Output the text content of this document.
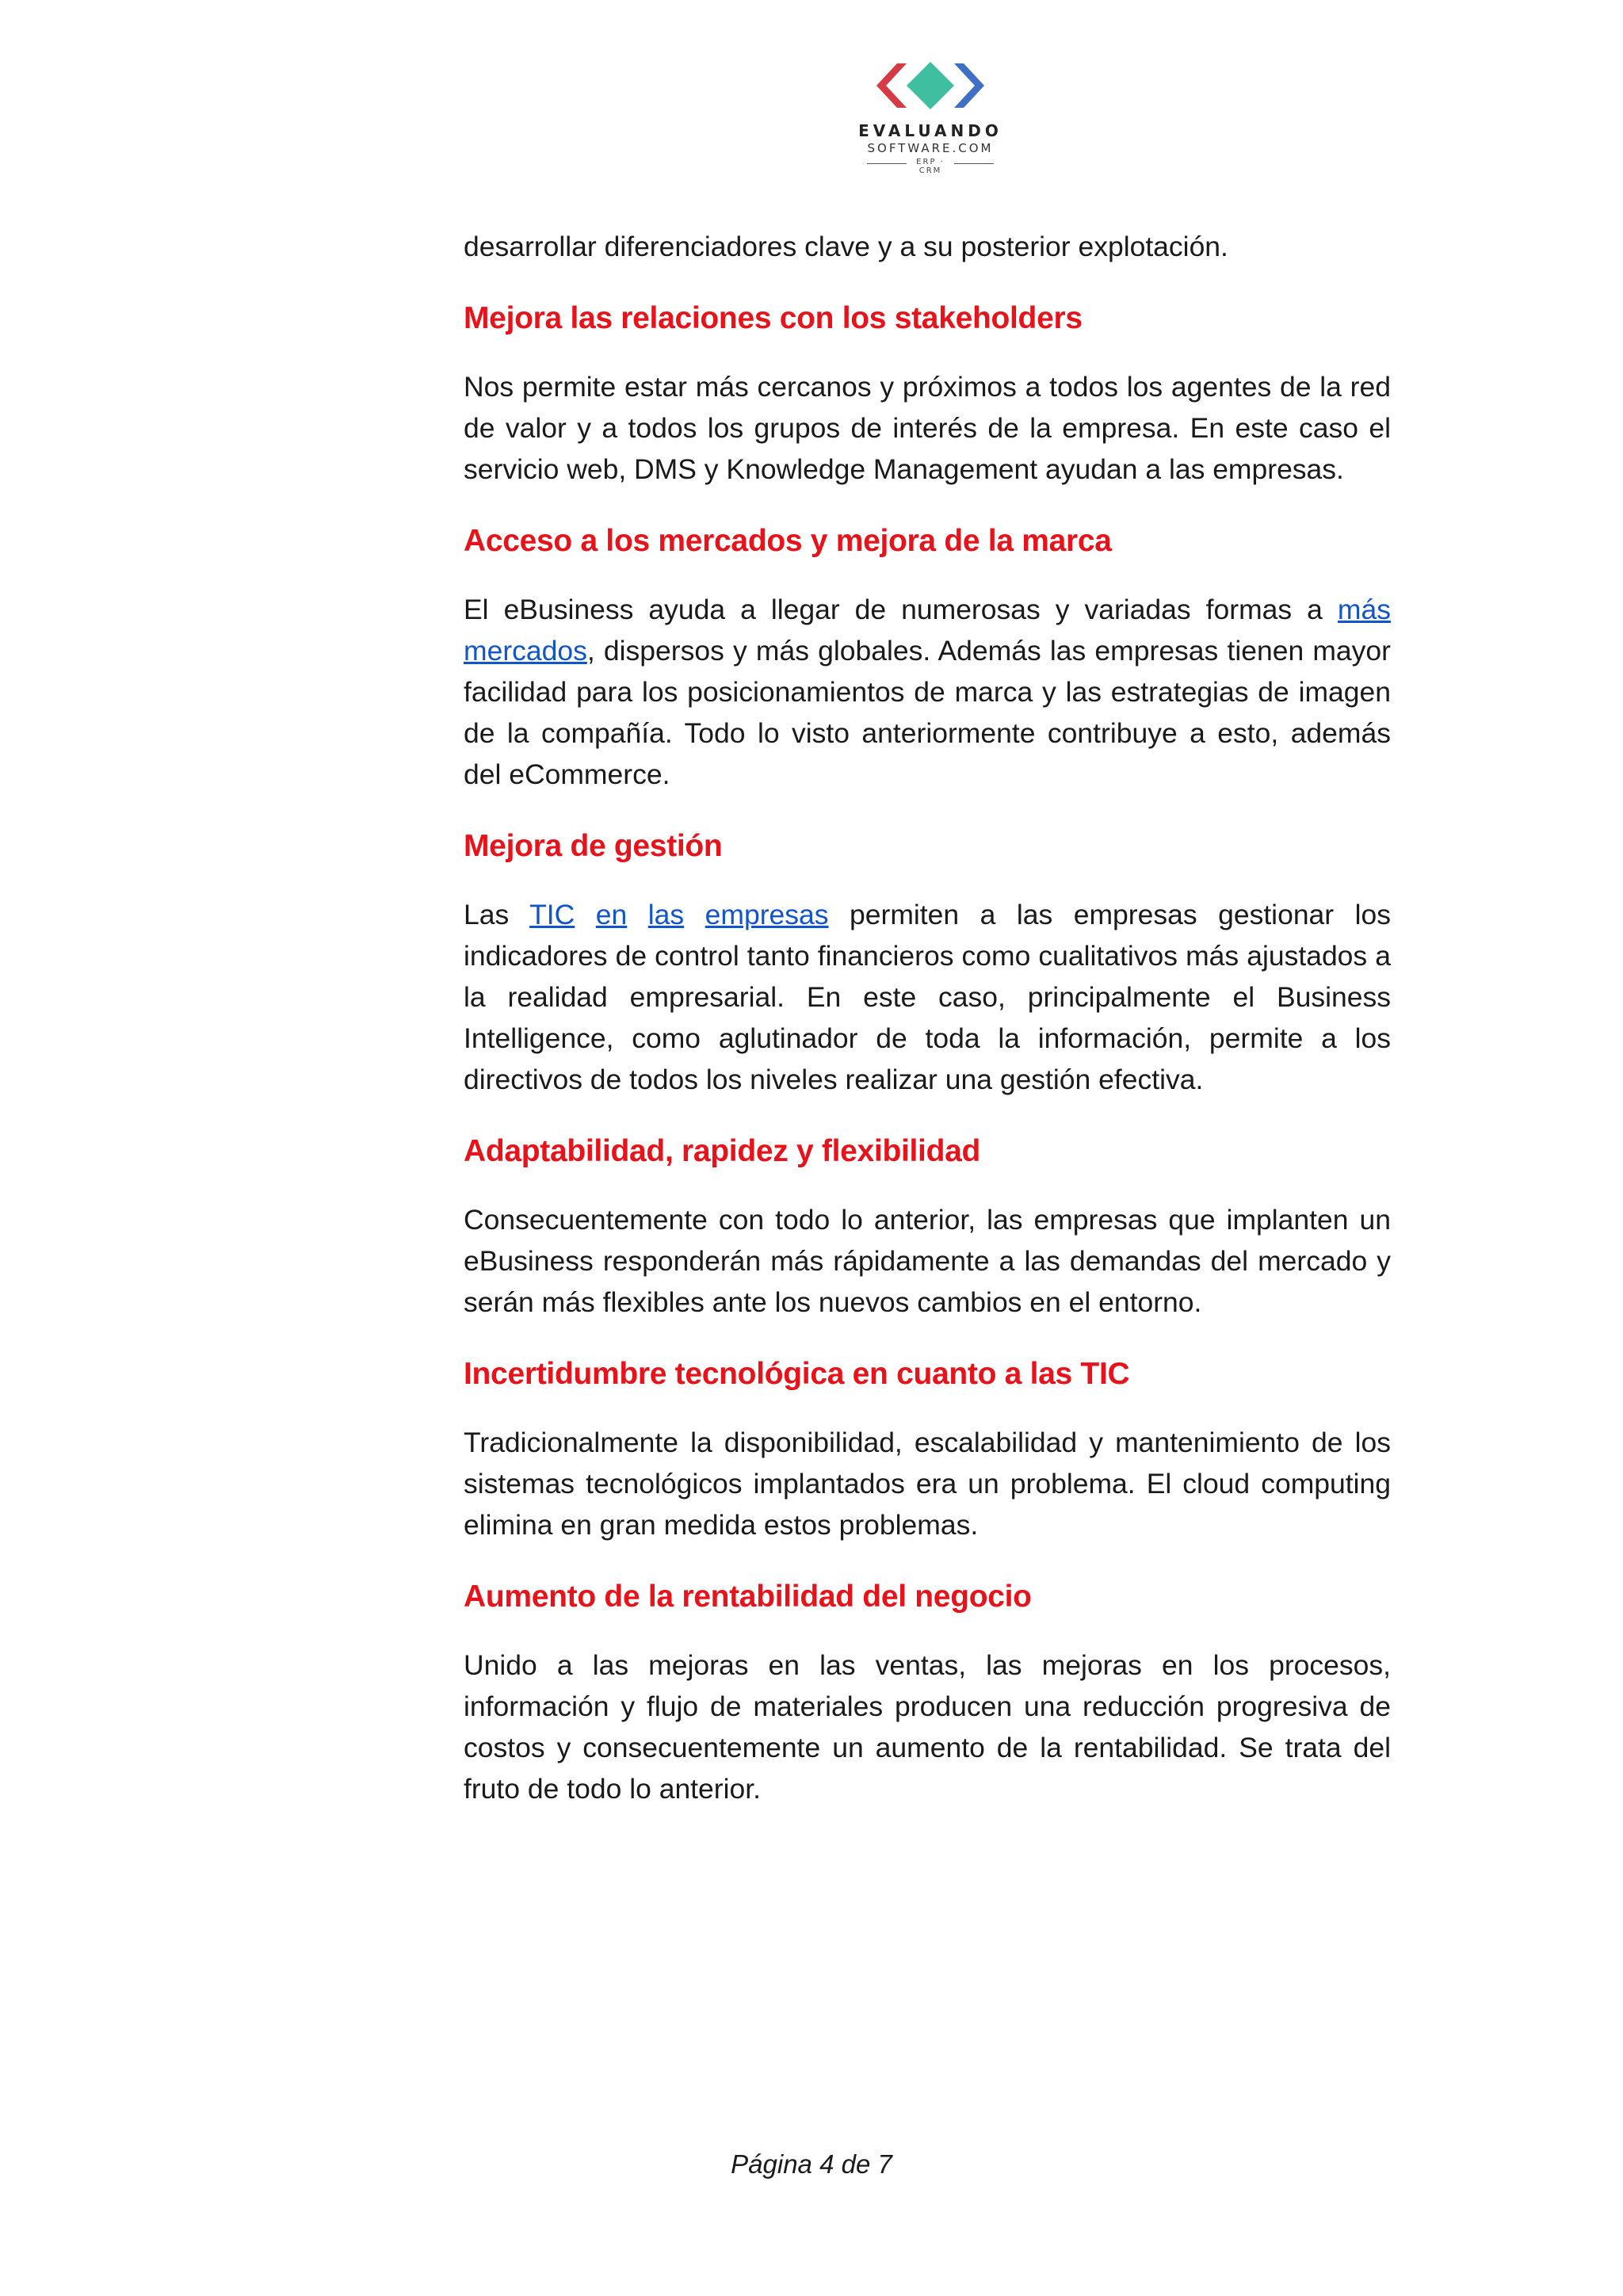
EVALUANDO
SOFTWARE.COM
ERP · CRM

desarrollar diferenciadores clave y a su posterior explotación.

Mejora las relaciones con los stakeholders

Nos permite estar más cercanos y próximos a todos los agentes de la red de valor y a todos los grupos de interés de la empresa. En este caso el servicio web, DMS y Knowledge Management ayudan a las empresas.

Acceso a los mercados y mejora de la marca

El eBusiness ayuda a llegar de numerosas y variadas formas a más mercados, dispersos y más globales. Además las empresas tienen mayor facilidad para los posicionamientos de marca y las estrategias de imagen de la compañía. Todo lo visto anteriormente contribuye a esto, además del eCommerce.

Mejora de gestión

Las TIC en las empresas permiten a las empresas gestionar los indicadores de control tanto financieros como cualitativos más ajustados a la realidad empresarial. En este caso, principalmente el Business Intelligence, como aglutinador de toda la información, permite a los directivos de todos los niveles realizar una gestión efectiva.

Adaptabilidad, rapidez y flexibilidad

Consecuentemente con todo lo anterior, las empresas que implanten un eBusiness responderán más rápidamente a las demandas del mercado y serán más flexibles ante los nuevos cambios en el entorno.

Incertidumbre tecnológica en cuanto a las TIC

Tradicionalmente la disponibilidad, escalabilidad y mantenimiento de los sistemas tecnológicos implantados era un problema. El cloud computing elimina en gran medida estos problemas.

Aumento de la rentabilidad del negocio

Unido a las mejoras en las ventas, las mejoras en los procesos, información y flujo de materiales producen una reducción progresiva de costos y consecuentemente un aumento de la rentabilidad. Se trata del fruto de todo lo anterior.

Página 4 de 7
